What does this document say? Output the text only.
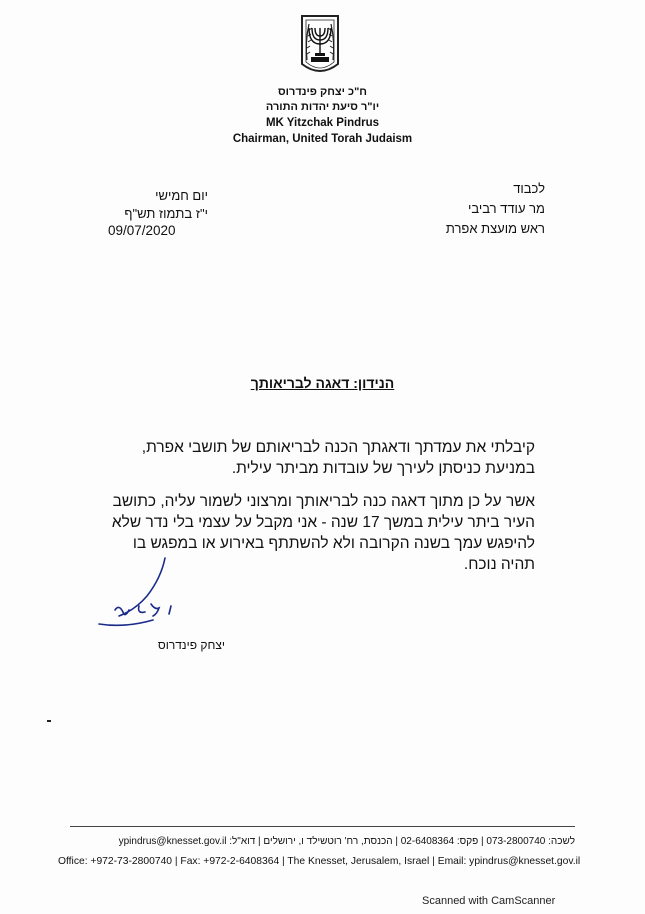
ח"כ יצחק פינדרוס
יו"ר סיעת יהדות התורה
MK Yitzchak Pindrus
Chairman, United Torah Judaism
לכבוד
מר עודד רביבי
ראש מועצת אפרת
יום חמישי
י"ז בתמוז תש"ף
09/07/2020
הנידון: דאגה לבריאותך
קיבלתי את עמדתך ודאגתך הכנה לבריאותם של תושבי אפרת, במניעת כניסתן לעירך של עובדות מביתר עילית.
אשר על כן מתוך דאגה כנה לבריאותך ומרצוני לשמור עליה, כתושב העיר ביתר עילית במשך 17 שנה - אני מקבל על עצמי בלי נדר שלא להיפגש עמך בשנה הקרובה ולא להשתתף באירוע או במפגש בו תהיה נוכח.
יצחק פינדרוס
לשכה: 073-2800740 | פקס: 02-6408364 | הכנסת, רח' רוטשילד ו, ירושלים | דוא"ל: ypindrus@knesset.gov.il
Office: +972-73-2800740 | Fax: +972-2-6408364 | The Knesset, Jerusalem, Israel | Email: ypindrus@knesset.gov.il
Scanned with CamScanner
